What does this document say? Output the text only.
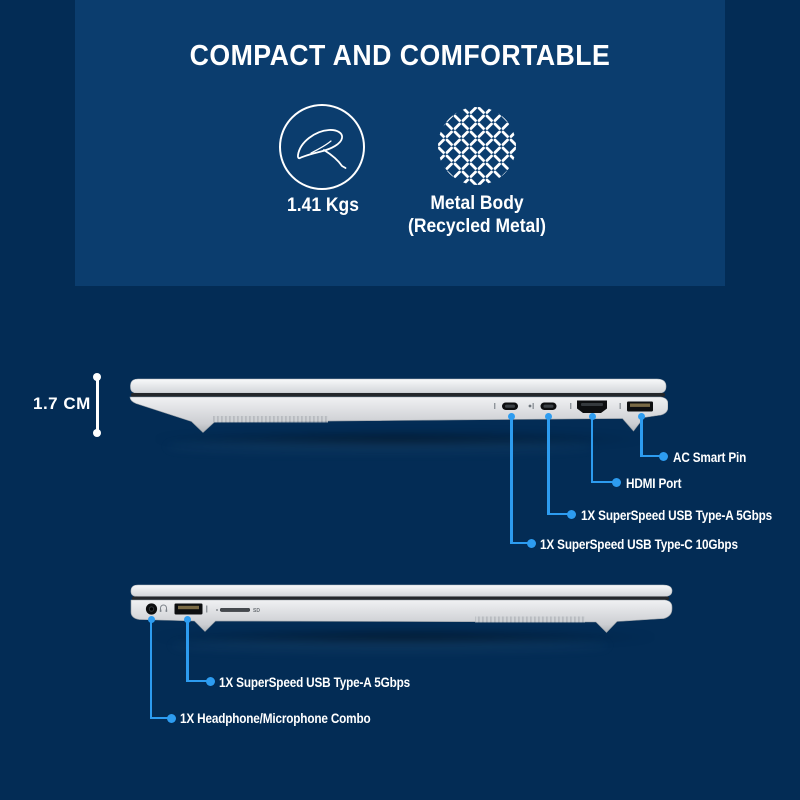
COMPACT AND COMFORTABLE
1.41 Kgs	Metal Body
(Recycled Metal)
1.7 CM
AC Smart Pin
HDMI Port
1X SuperSpeed USB Type-A 5Gbps
1X SuperSpeed USB Type-C 10Gbps
SD
1X SuperSpeed USB Type-A 5Gbps
1X Headphone/Microphone Combo
